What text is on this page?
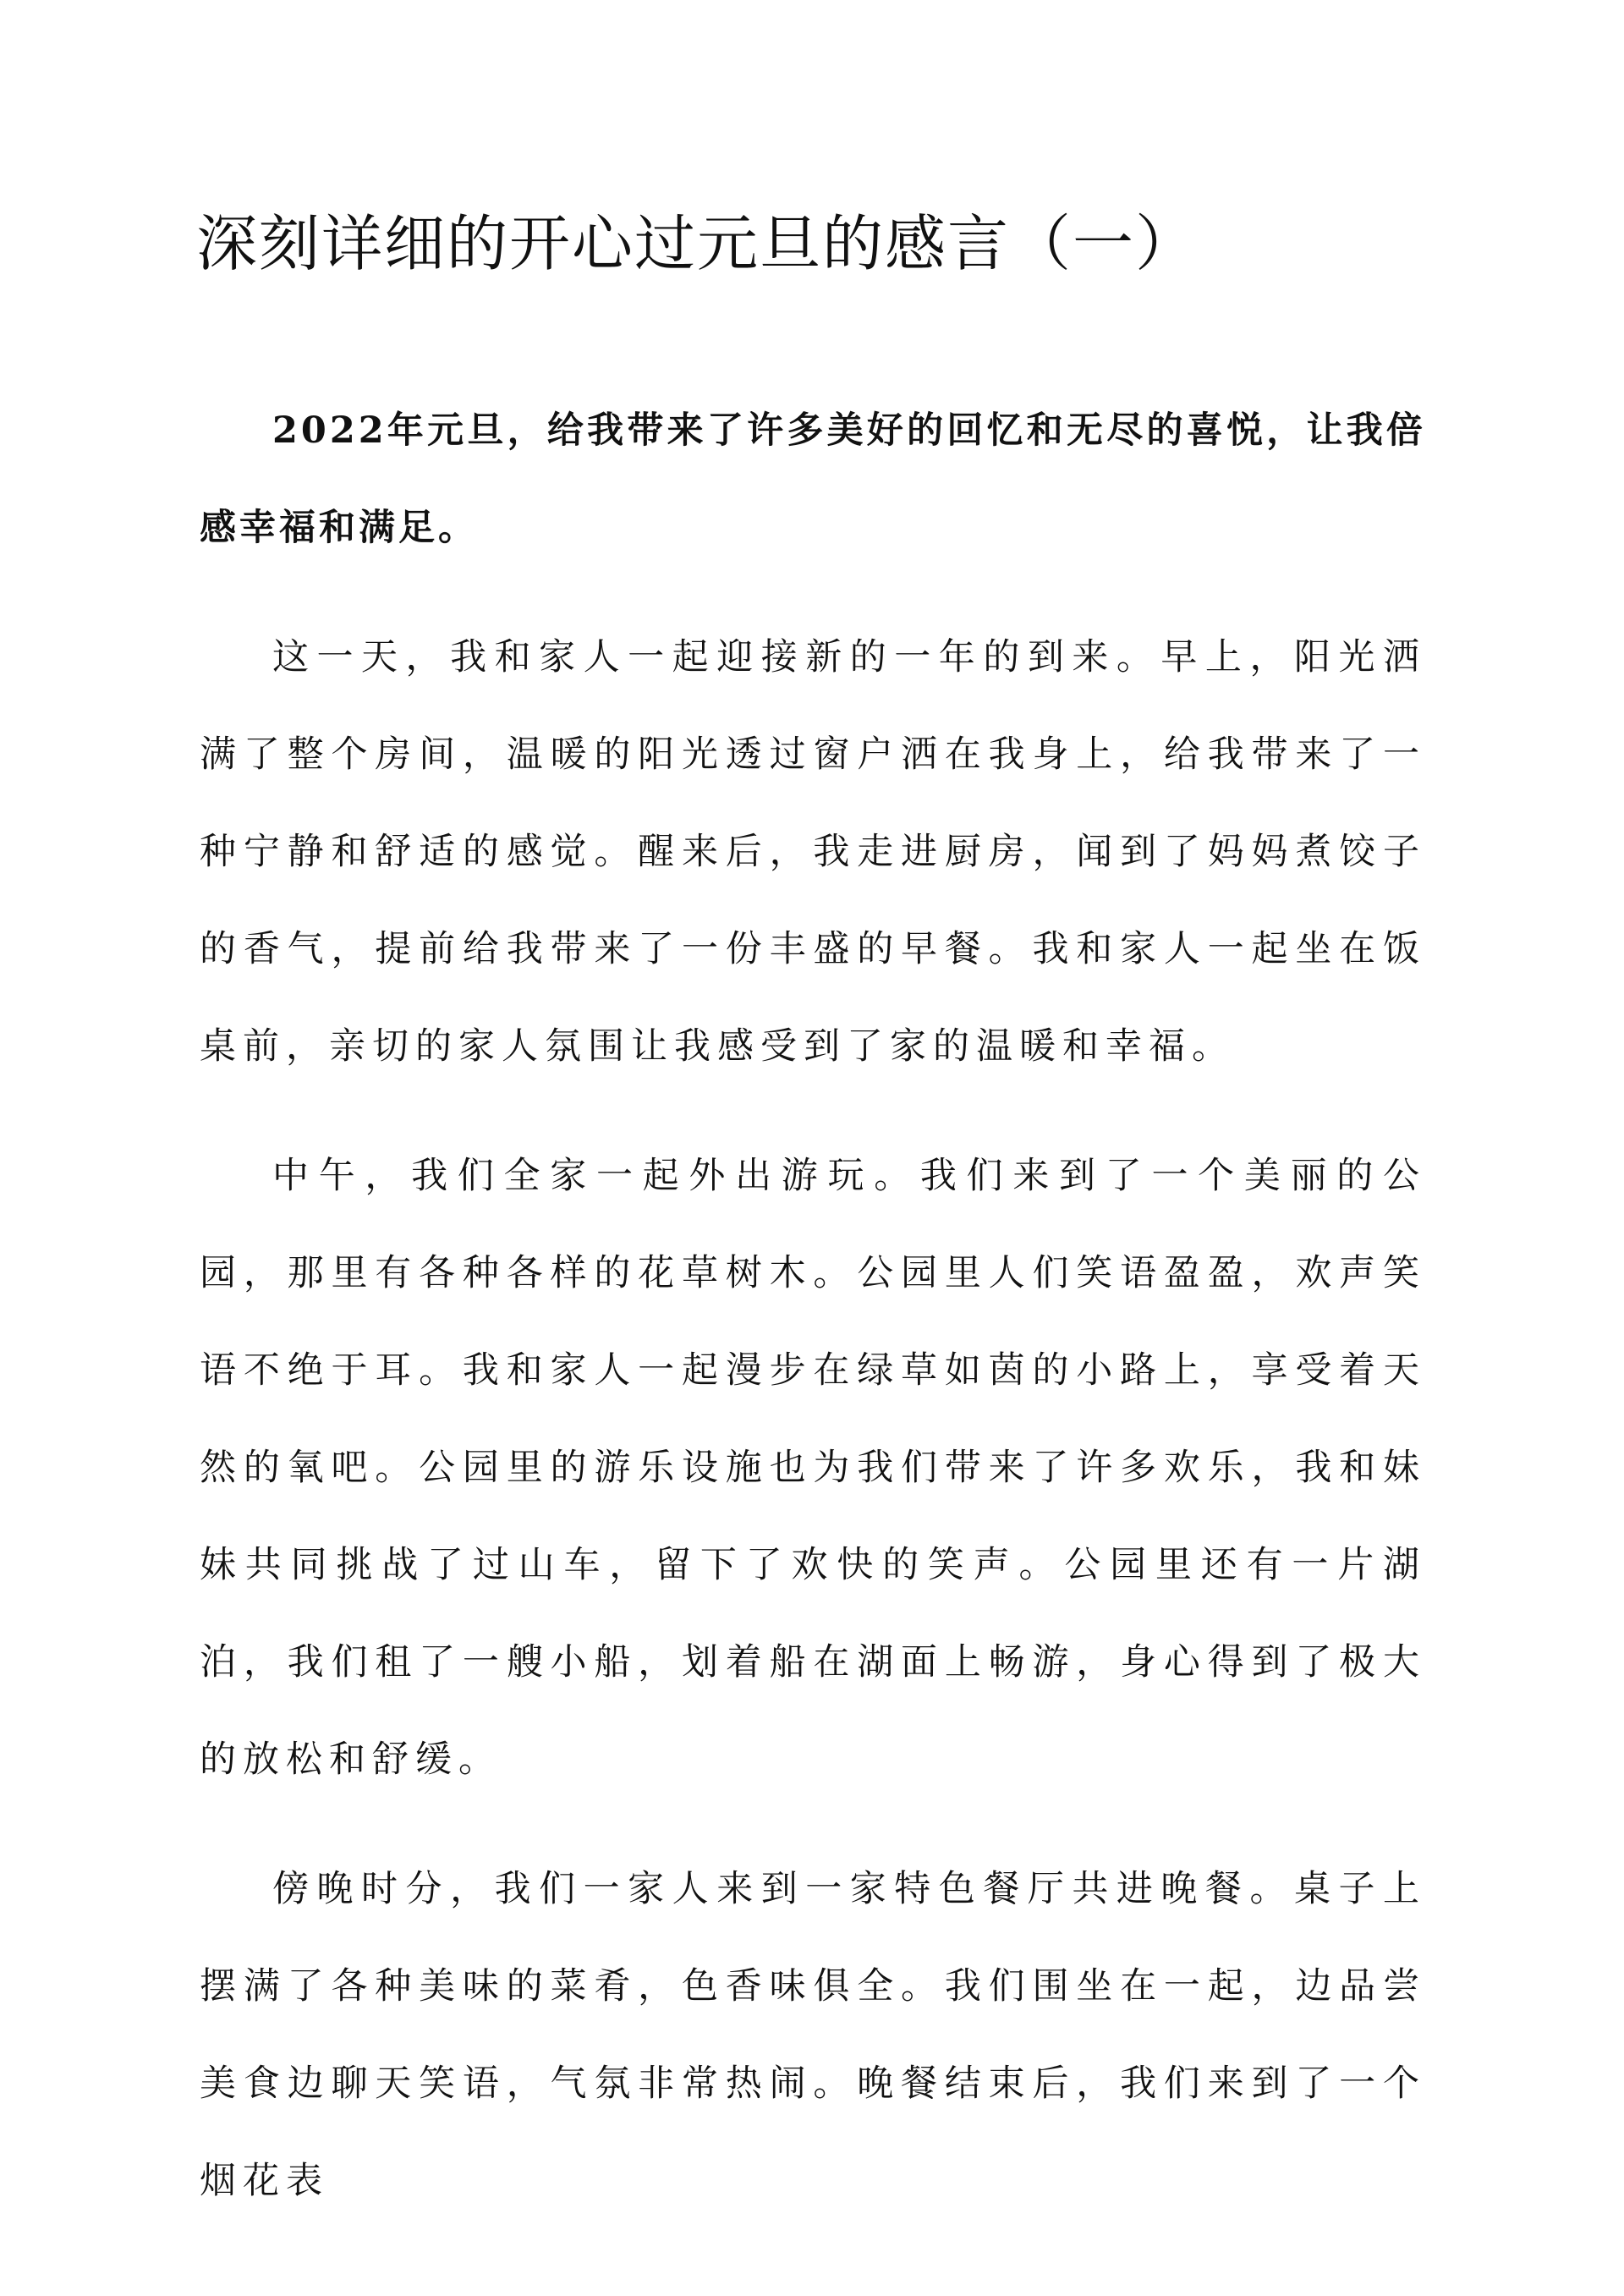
深刻详细的开心过元旦的感言（一）

2022年元旦，给我带来了许多美好的回忆和无尽的喜悦，让我倍感幸福和满足。

这一天，我和家人一起迎接新的一年的到来。早上，阳光洒满了整个房间，温暖的阳光透过窗户洒在我身上，给我带来了一种宁静和舒适的感觉。醒来后，我走进厨房，闻到了妈妈煮饺子的香气，提前给我带来了一份丰盛的早餐。我和家人一起坐在饭桌前，亲切的家人氛围让我感受到了家的温暖和幸福。

中午，我们全家一起外出游玩。我们来到了一个美丽的公园，那里有各种各样的花草树木。公园里人们笑语盈盈，欢声笑语不绝于耳。我和家人一起漫步在绿草如茵的小路上，享受着天然的氧吧。公园里的游乐设施也为我们带来了许多欢乐，我和妹妹共同挑战了过山车，留下了欢快的笑声。公园里还有一片湖泊，我们租了一艘小船，划着船在湖面上畅游，身心得到了极大的放松和舒缓。

傍晚时分，我们一家人来到一家特色餐厅共进晚餐。桌子上摆满了各种美味的菜肴，色香味俱全。我们围坐在一起，边品尝美食边聊天笑语，气氛非常热闹。晚餐结束后，我们来到了一个烟花表
